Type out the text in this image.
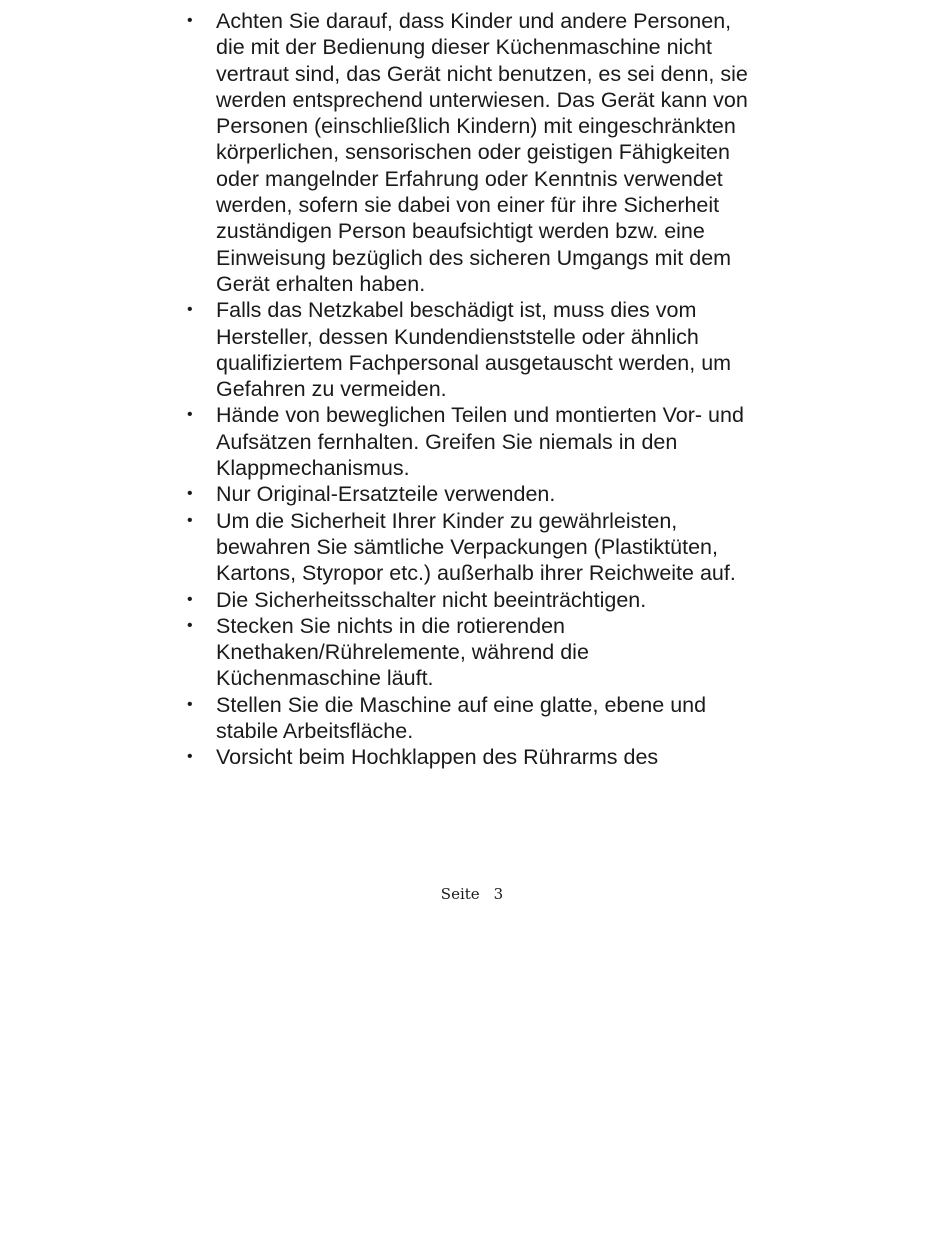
• Achten Sie darauf, dass Kinder und andere Personen, die mit der Bedienung dieser Küchenmaschine nicht vertraut sind, das Gerät nicht benutzen, es sei denn, sie werden entsprechend unterwiesen. Das Gerät kann von Personen (einschließlich Kindern) mit eingeschränkten körperlichen, sensorischen oder geistigen Fähigkeiten oder mangelnder Erfahrung oder Kenntnis verwendet werden, sofern sie dabei von einer für ihre Sicherheit zuständigen Person beaufsichtigt werden bzw. eine Einweisung bezüglich des sicheren Umgangs mit dem Gerät erhalten haben.
• Falls das Netzkabel beschädigt ist, muss dies vom Hersteller, dessen Kundendienststelle oder ähnlich qualifiziertem Fachpersonal ausgetauscht werden, um Gefahren zu vermeiden.
• Hände von beweglichen Teilen und montierten Vor- und Aufsätzen fernhalten. Greifen Sie niemals in den Klappmechanismus.
• Nur Original-Ersatzteile verwenden.
• Um die Sicherheit Ihrer Kinder zu gewährleisten, bewahren Sie sämtliche Verpackungen (Plastiktüten, Kartons, Styropor etc.) außerhalb ihrer Reichweite auf.
• Die Sicherheitsschalter nicht beeinträchtigen.
• Stecken Sie nichts in die rotierenden Knethaken/Rührelemente, während die Küchenmaschine läuft.
• Stellen Sie die Maschine auf eine glatte, ebene und stabile Arbeitsfläche.
• Vorsicht beim Hochklappen des Rührarms des
Seite 3
